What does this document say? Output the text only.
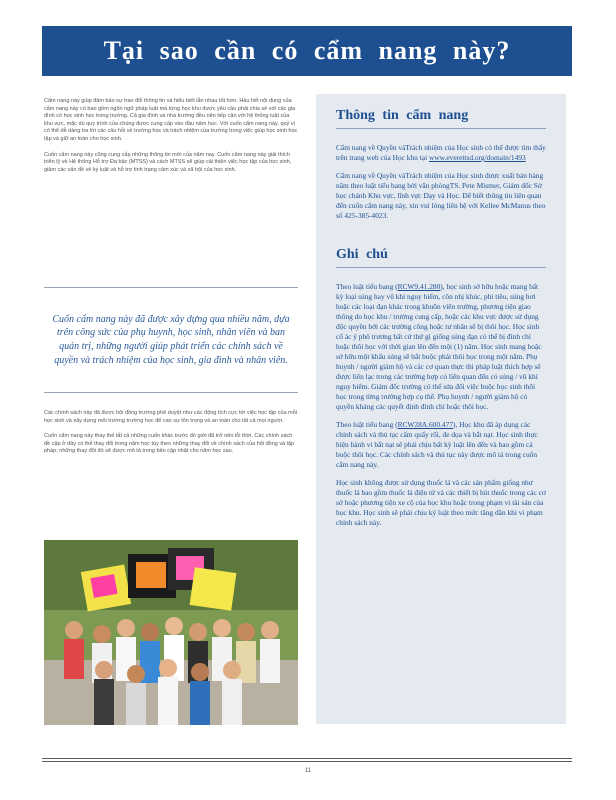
Tại sao cần có cẩm nang này?

Cẩm nang này giúp đảm bảo sự trao đổi thông tin và hiểu biết lẫn nhau tốt hơn. Hầu hết nội dung của cẩm nang này có bao gồm ngôn ngữ pháp luật mà từng học khu được yêu cầu phải chia sẻ với các gia đình có học sinh học trong trường. Cả gia đình và nhà trường đều nên tiếp cận với hệ thống luật của khu vực, mặc dù quy trình của chúng được cung cấp vào đầu năm học. Với cuốn cẩm nang này, quý vị có thể dễ dàng tra lời các câu hỏi về trường học và trách nhiệm của trường trong việc giúp học sinh học tập và giữ an toàn cho học sinh.

Cuốn cẩm nang này cũng cung cấp những thông tin mới của năm nay. Cuốn cẩm nang này giải thích triển lý về Hệ thống Hỗ trợ Đa bậc (MTSS) và cách MTSS sẽ giúp cải thiện việc học tập của học sinh, giảm các vấn đề về kỷ luật và hỗ trợ tinh trạng cảm xúc và xã hội của học sinh.

Cuốn cẩm nang này đã được xây dựng qua nhiều năm, dựa trên công sức của phụ huynh, học sinh, nhân viên và ban quản trị, những người giúp phát triển các chính sách về quyền và trách nhiệm của học sinh, gia đình và nhân viên.

Các chính sách này đã được hội đồng trường phê duyệt như các động tích cực tới việc học tập của mỗi học sinh và xây dựng môi trường trường học để cao sự tôn trọng và an toàn cho tất cả mọi người.

Cuốn cẩm nang này thay thế tất cả những cuốn khác trước đó giới đã trở nên lỗi thời. Các chính sách đề cập ở đây có thể thay đổi trong năm học tùy theo những thay đổi về chính sách của hội đồng và lập pháp; những thay đổi đó sẽ được mô tả trong bản cập nhật cho năm học sau.

Thông tin cẩm nang

Cẩm nang về Quyền vàTrách nhiệm của Học sinh có thể được tìm thấy trên trang web của Học khu tại www.everettsd.org/domain/1493

Cẩm nang về Quyền vàTrách nhiệm của Học sinh được xuất bản hàng năm theo luật tiểu bang bởi văn phòngTS. Pete Mismer, Giám đốc Sở học chánh Khu vực, lĩnh vực Dạy và Học. Để biết thông tin liên quan đến cuốn cẩm nang này, xin vui lòng liên hệ với Kellee McManus theo số 425-385-4023.

Ghi chú

Theo luật tiểu bang (RCW9.41.280), học sinh sở hữu hoặc mang bất kỳ loại súng hay vũ khí nguy hiểm, côn nhị khúc, phi tiêu, súng hơi hoặc các loại đạn khác trong khuôn viên trường, phương tiện giao thông do học khu / trường cung cấp, hoặc các khu vực được sử dụng độc quyền bởi các trường công hoặc tư nhân sẽ bị thôi học. Học sinh cố ác ý phô trương bất cứ thứ gì giống súng đạn có thể bị đình chỉ hoặc thôi học với thời gian lên đến một (1) năm. Học sinh mang hoặc sở hữu một khẩu súng sẽ bắt buộc phải thôi học trong một năm. Phụ huynh / người giám hộ và các cơ quan thực thi pháp luật thích hợp sẽ được liên lạc trong các trường hợp có liên quan đến có súng / vũ khí nguy hiểm. Giám đốc trường có thể sửa đổi việc buộc học sinh thôi học trong từng trường hợp cụ thể. Phụ huynh / người giám hộ có quyền kháng các quyết định đình chỉ hoặc thôi học.

Theo luật tiểu bang (RCW28A.600.477), Học khu đã áp dụng các chính sách và thủ tục cấm quấy rối, đe dọa và bắt nạt. Học sinh thực hiện hành vi bắt nạt sẽ phải chịu bất kỳ luật lên đến và bao gồm cả buộc thôi học. Các chính sách và thủ tục này được mô tả trong cuốn cẩm nang này.

Học sinh không được sử dụng thuốc lá và các sản phẩm giống như thuốc lá bao gồm thuốc lá điện tử và các thiết bị hút thuốc trong các cơ sở hoặc phương tiện xe cộ của học khu hoặc trong phạm vi tài sản của học khu. Học sinh sẽ phải chịu kỷ luật theo mức tăng dần khi vi phạm chính sách này.

11
